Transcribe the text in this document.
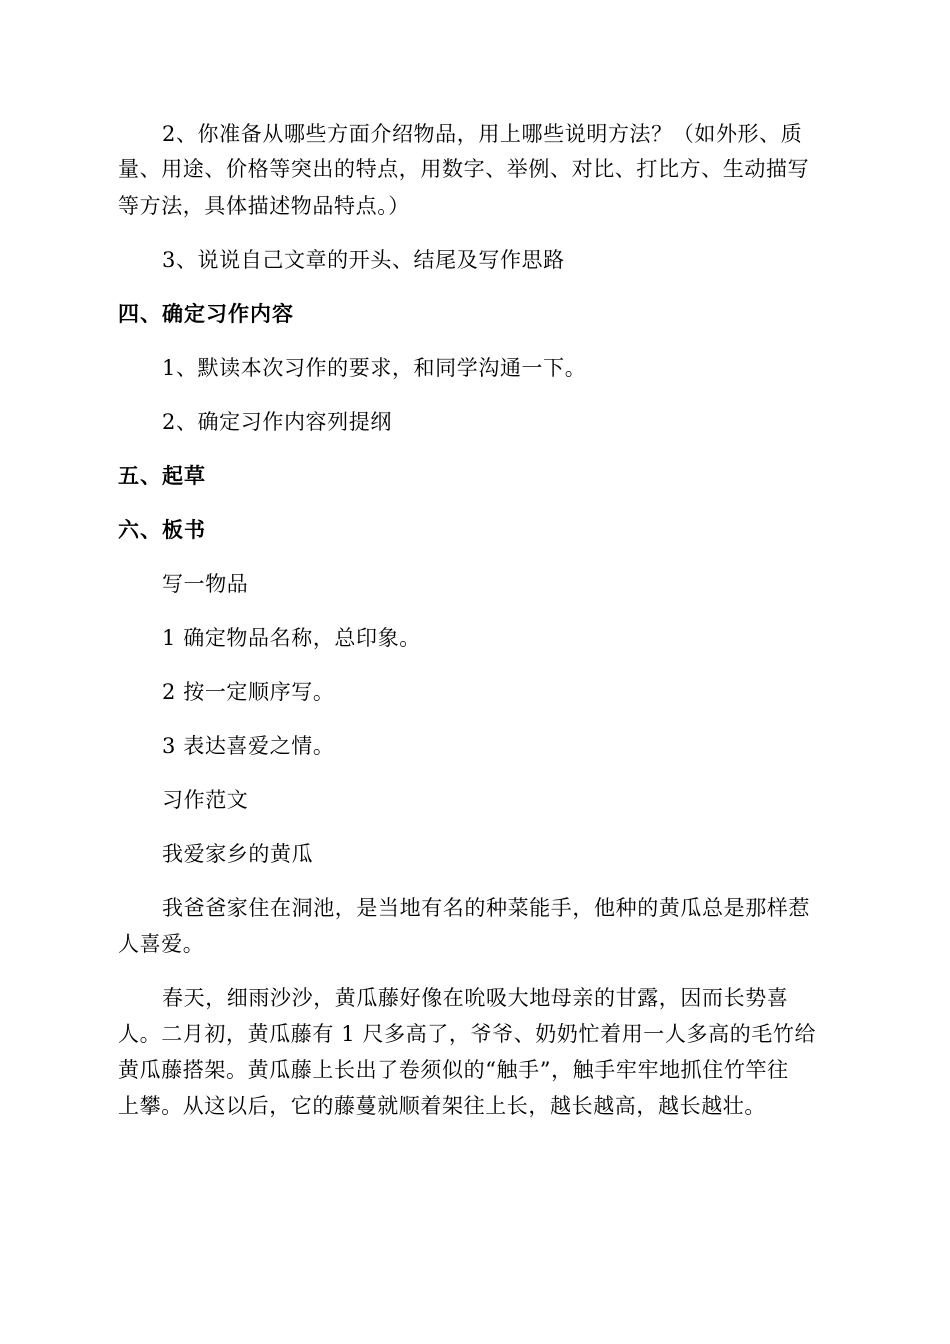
2、你准备从哪些方面介绍物品，用上哪些说明方法？（如外形、质

量、用途、价格等突出的特点，用数字、举例、对比、打比方、生动描写

等方法，具体描述物品特点。）

3、说说自己文章的开头、结尾及写作思路

四、确定习作内容

1、默读本次习作的要求，和同学沟通一下。

2、确定习作内容列提纲

五、起草

六、板书

写一物品

1 确定物品名称，总印象。

2 按一定顺序写。

3 表达喜爱之情。

习作范文

我爱家乡的黄瓜

我爸爸家住在洞池，是当地有名的种菜能手，他种的黄瓜总是那样惹

人喜爱。

春天，细雨沙沙，黄瓜藤好像在吮吸大地母亲的甘露，因而长势喜

人。二月初，黄瓜藤有 1 尺多高了，爷爷、奶奶忙着用一人多高的毛竹给

黄瓜藤搭架。黄瓜藤上长出了卷须似的“触手”，触手牢牢地抓住竹竿往

上攀。从这以后，它的藤蔓就顺着架往上长，越长越高，越长越壮。
